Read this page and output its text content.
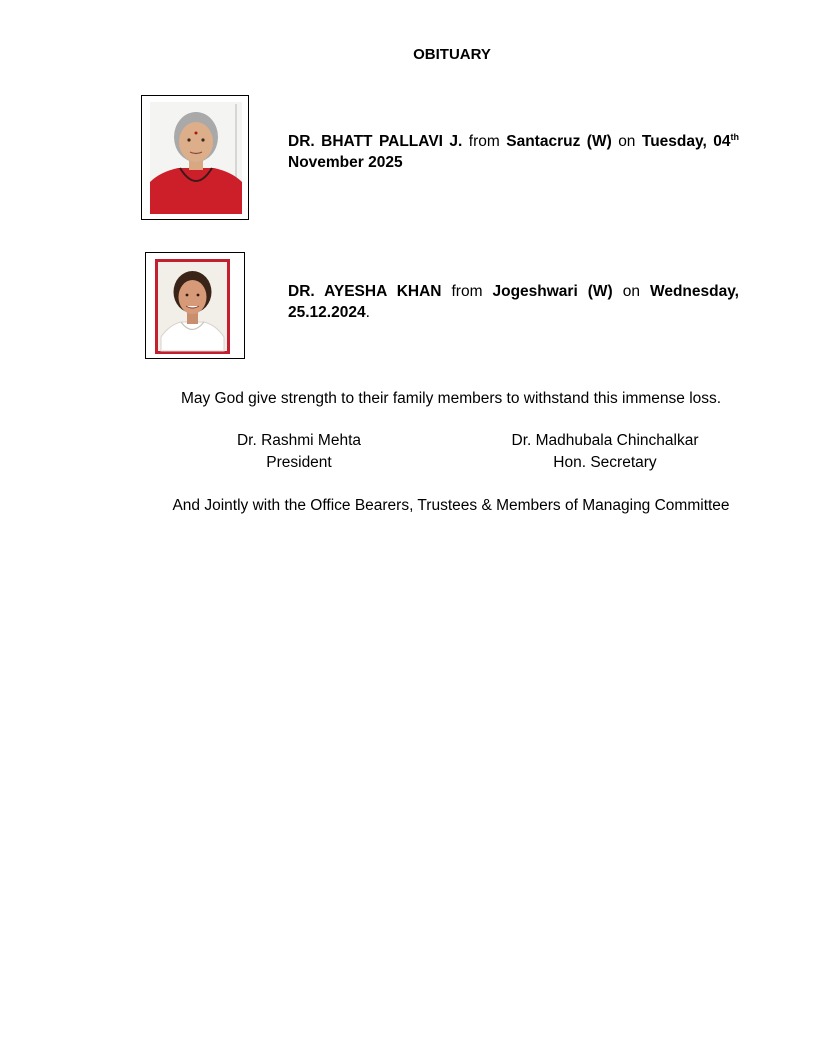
OBITUARY
DR. BHATT PALLAVI J. from Santacruz (W) on Tuesday, 04th November 2025
DR. AYESHA KHAN from Jogeshwari (W) on Wednesday, 25.12.2024.
May God give strength to their family members to withstand this immense loss.
Dr. Rashmi Mehta
President
Dr. Madhubala Chinchalkar
Hon. Secretary
And Jointly with the Office Bearers, Trustees & Members of Managing Committee
